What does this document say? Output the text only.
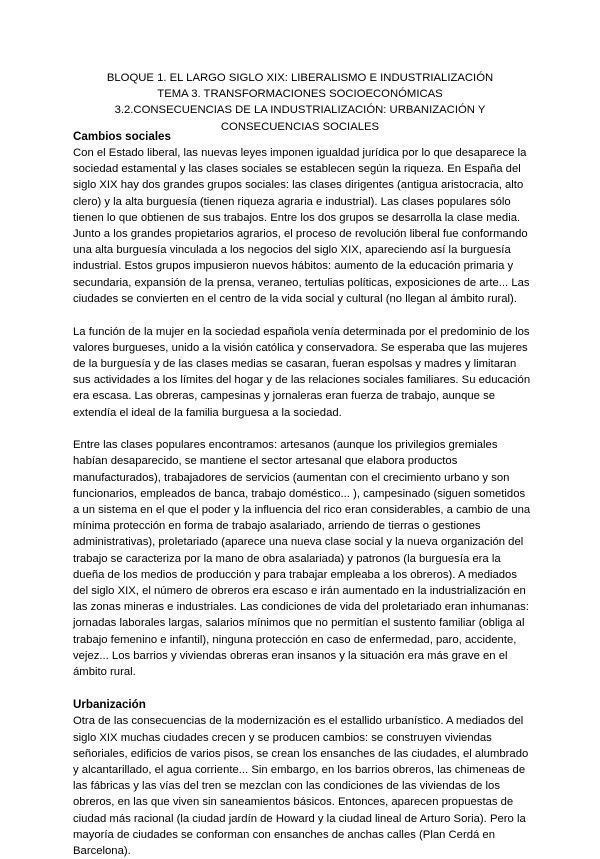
BLOQUE 1. EL LARGO SIGLO XIX: LIBERALISMO E INDUSTRIALIZACIÓN
TEMA 3. TRANSFORMACIONES SOCIOECONÓMICAS
3.2.CONSECUENCIAS DE LA INDUSTRIALIZACIÓN: URBANIZACIÓN Y
CONSECUENCIAS SOCIALES
Cambios sociales

Con el Estado liberal, las nuevas leyes imponen igualdad jurídica por lo que desaparece la sociedad estamental y las clases sociales se establecen según la riqueza. En España del siglo XIX hay dos grandes grupos sociales: las clases dirigentes (antigua aristocracia, alto clero) y la alta burguesía (tienen riqueza agraria e industrial). Las clases populares sólo tienen lo que obtienen de sus trabajos. Entre los dos grupos se desarrolla la clase media. Junto a los grandes propietarios agrarios, el proceso de revolución liberal fue conformando una alta burguesía vinculada a los negocios del siglo XIX, apareciendo así la burguesía industrial. Estos grupos impusieron nuevos hábitos: aumento de la educación primaria y secundaria, expansión de la prensa, veraneo, tertulias políticas, exposiciones de arte... Las ciudades se convierten en el centro de la vida social y cultural (no llegan al ámbito rural).

La función de la mujer en la sociedad española venía determinada por el predominio de los valores burgueses, unido a la visión católica y conservadora. Se esperaba que las mujeres de la burguesía y de las clases medias se casaran, fueran espolsas y madres y limitaran sus actividades a los límites del hogar y de las relaciones sociales familiares. Su educación era escasa. Las obreras, campesinas y jornaleras eran fuerza de trabajo, aunque se extendía el ideal de la familia burguesa a la sociedad.

Entre las clases populares encontramos: artesanos (aunque los privilegios gremiales habían desaparecido, se mantiene el sector artesanal que elabora productos manufacturados), trabajadores de servicios (aumentan con el crecimiento urbano y son funcionarios, empleados de banca, trabajo doméstico... ), campesinado (siguen sometidos a un sistema en el que el poder y la influencia del rico eran considerables, a cambio de una mínima protección en forma de trabajo asalariado, arriendo de tierras o gestiones administrativas), proletariado (aparece una nueva clase social y la nueva organización del trabajo se caracteriza por la mano de obra asalariada) y patronos (la burguesía era la dueña de los medios de producción y para trabajar empleaba a los obreros). A mediados del siglo XIX, el número de obreros era escaso e irán aumentado en la industrialización en las zonas mineras e industriales. Las condiciones de vida del proletariado eran inhumanas: jornadas laborales largas, salarios mínimos que no permitían el sustento familiar (obliga al trabajo femenino e infantil), ninguna protección en caso de enfermedad, paro, accidente, vejez... Los barrios y viviendas obreras eran insanos y la situación era más grave en el ámbito rural.

Urbanización

Otra de las consecuencias de la modernización es el estallido urbanístico. A mediados del siglo XIX muchas ciudades crecen y se producen cambios: se construyen viviendas señoriales, edificios de varios pisos, se crean los ensanches de las ciudades, el alumbrado y alcantarillado, el agua corriente... Sin embargo, en los barrios obreros, las chimeneas de las fábricas y las vías del tren se mezclan con las condiciones de las viviendas de los obreros, en las que viven sin saneamientos básicos. Entonces, aparecen propuestas de ciudad más racional (la ciudad jardín de Howard y la ciudad lineal de Arturo Soria). Pero la mayoría de ciudades se conforman con ensanches de anchas calles (Plan Cerdá en Barcelona).
